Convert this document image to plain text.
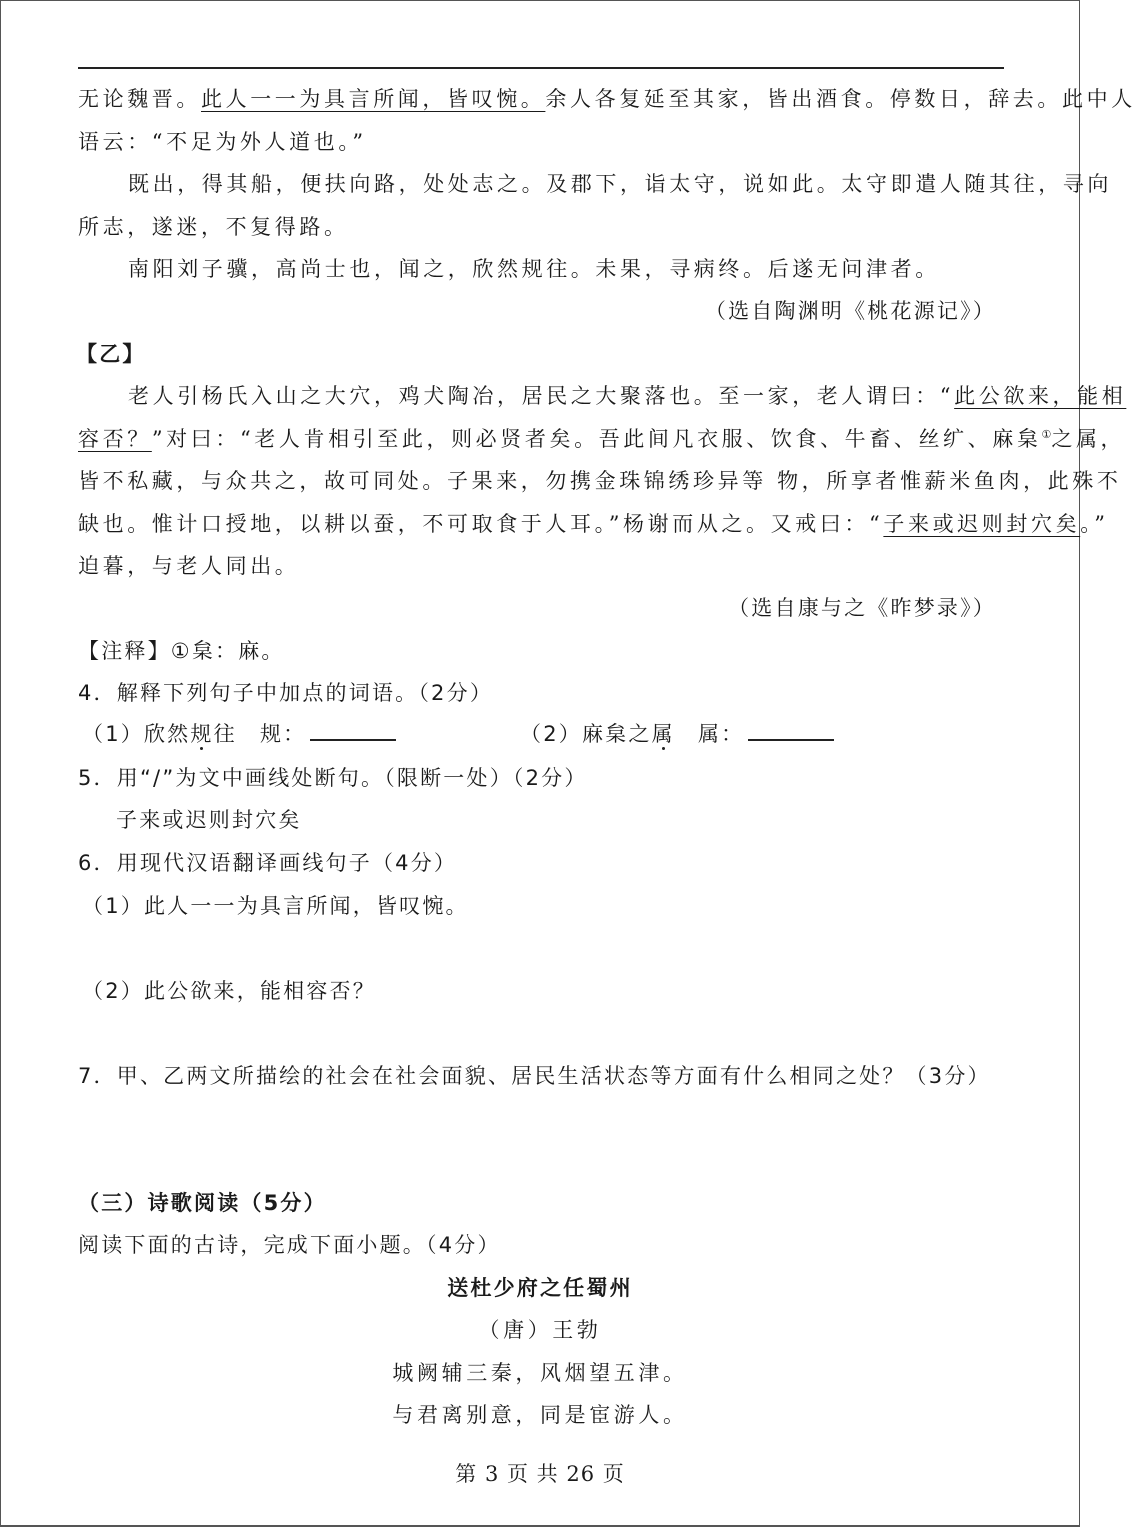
无论魏晋。此人一一为具言所闻，皆叹惋。余人各复延至其家，皆出酒食。停数日，辞去。此中人
语云：“不足为外人道也。”
既出，得其船，便扶向路，处处志之。及郡下，诣太守，说如此。太守即遣人随其往，寻向
所志，遂迷，不复得路。
南阳刘子骥，高尚士也，闻之，欣然规往。未果，寻病终。后遂无问津者。
（选自陶渊明《桃花源记》）
【乙】
老人引杨氏入山之大穴，鸡犬陶冶，居民之大聚落也。至一家，老人谓曰：“此公欲来，能相
容否？”对曰：“老人肯相引至此，则必贤者矣。吾此间凡衣服、饮食、牛畜、丝纩、麻枲①之属，
皆不私藏，与众共之，故可同处。子果来，勿携金珠锦绣珍异等 物，所享者惟薪米鱼肉，此殊不
缺也。惟计口授地，以耕以蚕，不可取食于人耳。”杨谢而从之。又戒曰：“子来或迟则封穴矣。”
迫暮，与老人同出。
（选自康与之《昨梦录》）
【注释】①枲：麻。
4．解释下列句子中加点的词语。（2分）
（1）欣然规往　规：	（2）麻枲之属　属：
5．用“/”为文中画线处断句。（限断一处）（2分）
子来或迟则封穴矣
6．用现代汉语翻译画线句子（4分）
（1）此人一一为具言所闻，皆叹惋。
（2）此公欲来，能相容否？
7．甲、乙两文所描绘的社会在社会面貌、居民生活状态等方面有什么相同之处？（3分）
（三）诗歌阅读（5分）
阅读下面的古诗，完成下面小题。（4分）
送杜少府之任蜀州
（唐）王勃
城阙辅三秦，风烟望五津。
与君离别意，同是宦游人。
第 3 页 共 26 页
